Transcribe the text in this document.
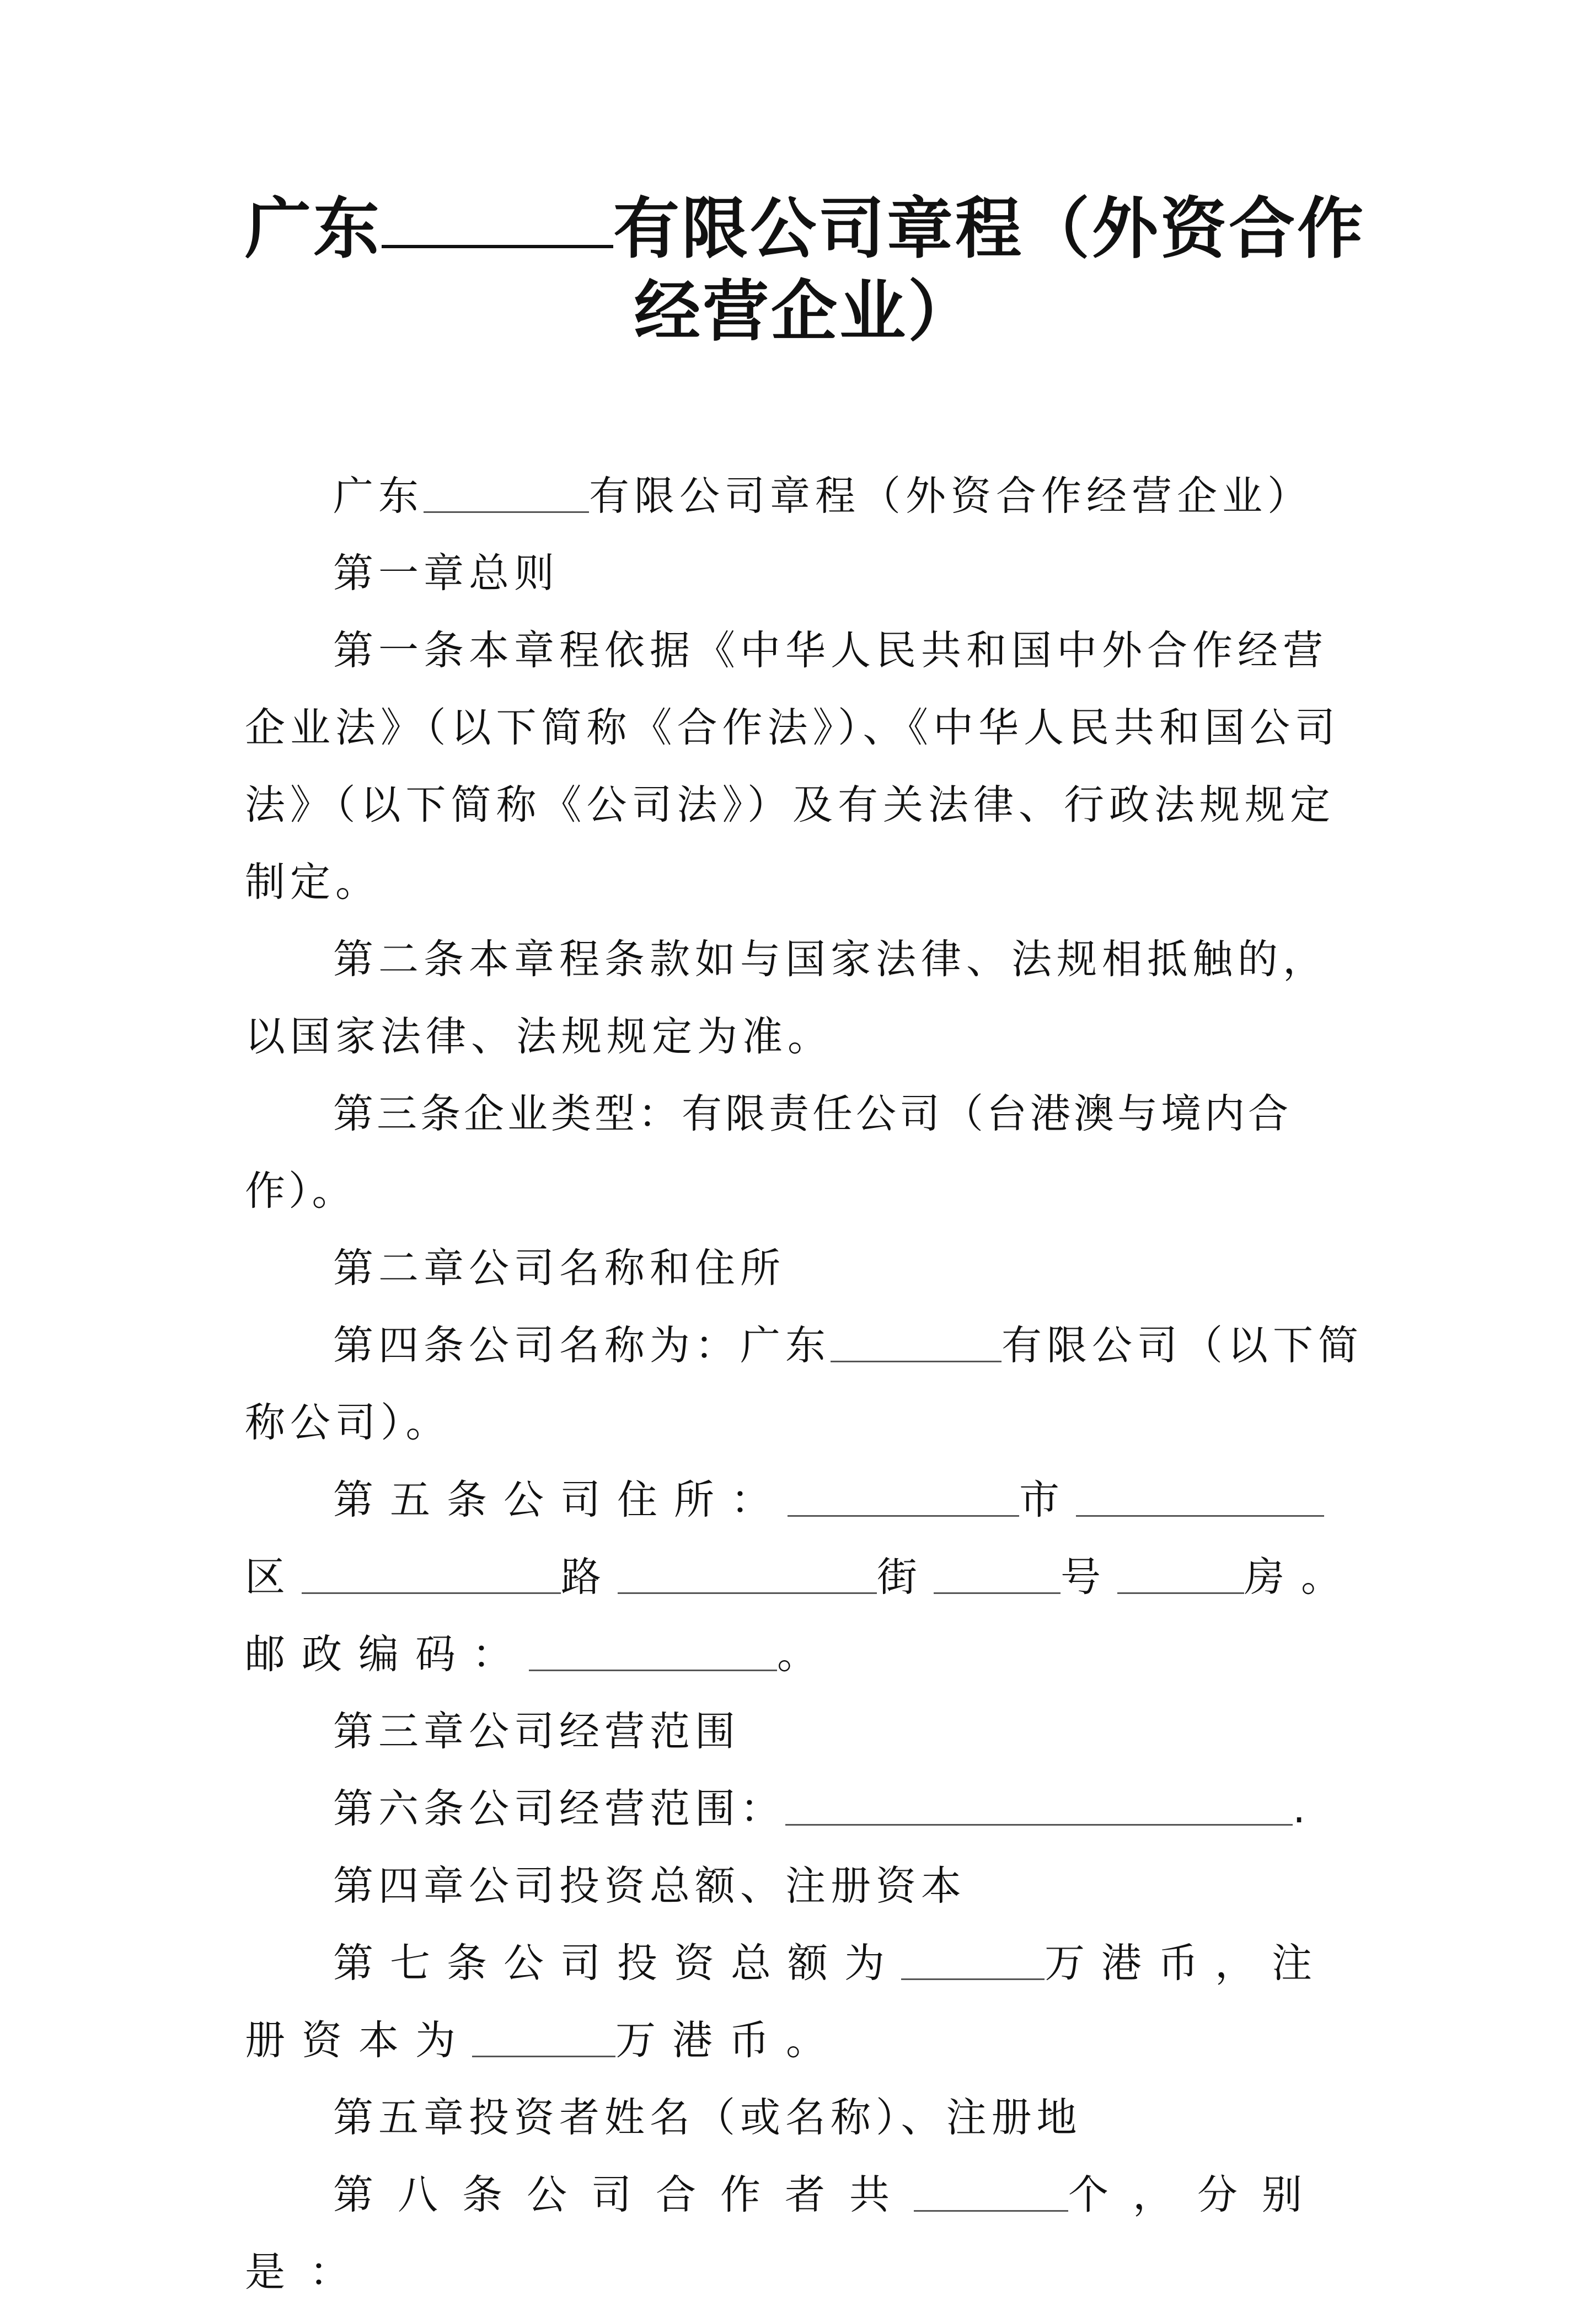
广东	有限公司章程（外资合作经营企业）

广东	有限公司章程（外资合作经营企业）

第一章总则

第一条本章程依据《中华人民共和国中外合作经营企业法》（以下简称《合作法》）、《中华人民共和国公司法》（以下简称《公司法》）及有关法律、行政法规规定制定。

第二条本章程条款如与国家法律、法规相抵触的，以国家法律、法规规定为准。

第三条企业类型：有限责任公司（台港澳与境内合作）。

第二章公司名称和住所

第四条公司名称为：广东	有限公司（以下简称公司）。

第五条公司住所：	市区	路	街	号	房。邮政编码：	。

第三章公司经营范围

第六条公司经营范围：	.

第四章公司投资总额、注册资本

第七条公司投资总额为	万港币，注册资本为	万港币。

第五章投资者姓名（或名称）、注册地

第八条公司合作者共	个，分别是：
